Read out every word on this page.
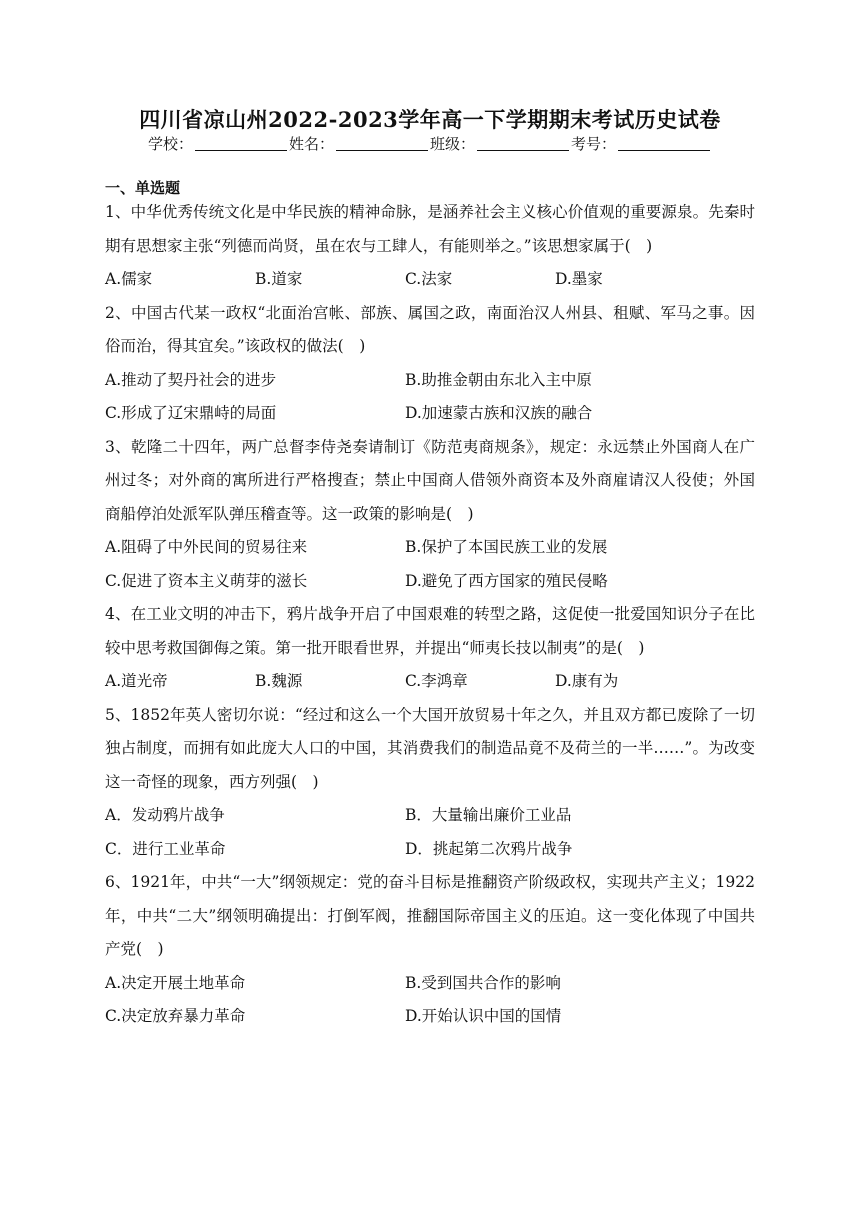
四川省凉山州2022-2023学年高一下学期期末考试历史试卷
学校：	姓名：	班级：	考号：
一、单选题

1、中华优秀传统文化是中华民族的精神命脉，是涵养社会主义核心价值观的重要源泉。先秦时期有思想家主张“列德而尚贤，虽在农与工肆人，有能则举之。”该思想家属于(　)

A.儒家	B.道家	C.法家	D.墨家

2、中国古代某一政权“北面治宫帐、部族、属国之政，南面治汉人州县、租赋、军马之事。因俗而治，得其宜矣。”该政权的做法(　)

A.推动了契丹社会的进步	B.助推金朝由东北入主中原
C.形成了辽宋鼎峙的局面	D.加速蒙古族和汉族的融合

3、乾隆二十四年，两广总督李侍尧奏请制订《防范夷商规条》，规定：永远禁止外国商人在广州过冬；对外商的寓所进行严格搜查；禁止中国商人借领外商资本及外商雇请汉人役使；外国商船停泊处派军队弹压稽查等。这一政策的影响是(　)

A.阻碍了中外民间的贸易往来	B.保护了本国民族工业的发展
C.促进了资本主义萌芽的滋长	D.避免了西方国家的殖民侵略

4、在工业文明的冲击下，鸦片战争开启了中国艰难的转型之路，这促使一批爱国知识分子在比较中思考救国御侮之策。第一批开眼看世界，并提出“师夷长技以制夷”的是(　)

A.道光帝	B.魏源	C.李鸿章	D.康有为

5、1852年英人密切尔说：“经过和这么一个大国开放贸易十年之久，并且双方都已废除了一切独占制度，而拥有如此庞大人口的中国，其消费我们的制造品竟不及荷兰的一半……”。为改变这一奇怪的现象，西方列强(　)

A．发动鸦片战争	B．大量输出廉价工业品
C．进行工业革命	D．挑起第二次鸦片战争

6、1921年，中共“一大”纲领规定：党的奋斗目标是推翻资产阶级政权，实现共产主义；1922年，中共“二大”纲领明确提出：打倒军阀，推翻国际帝国主义的压迫。这一变化体现了中国共产党(　)

A.决定开展土地革命	B.受到国共合作的影响
C.决定放弃暴力革命	D.开始认识中国的国情
